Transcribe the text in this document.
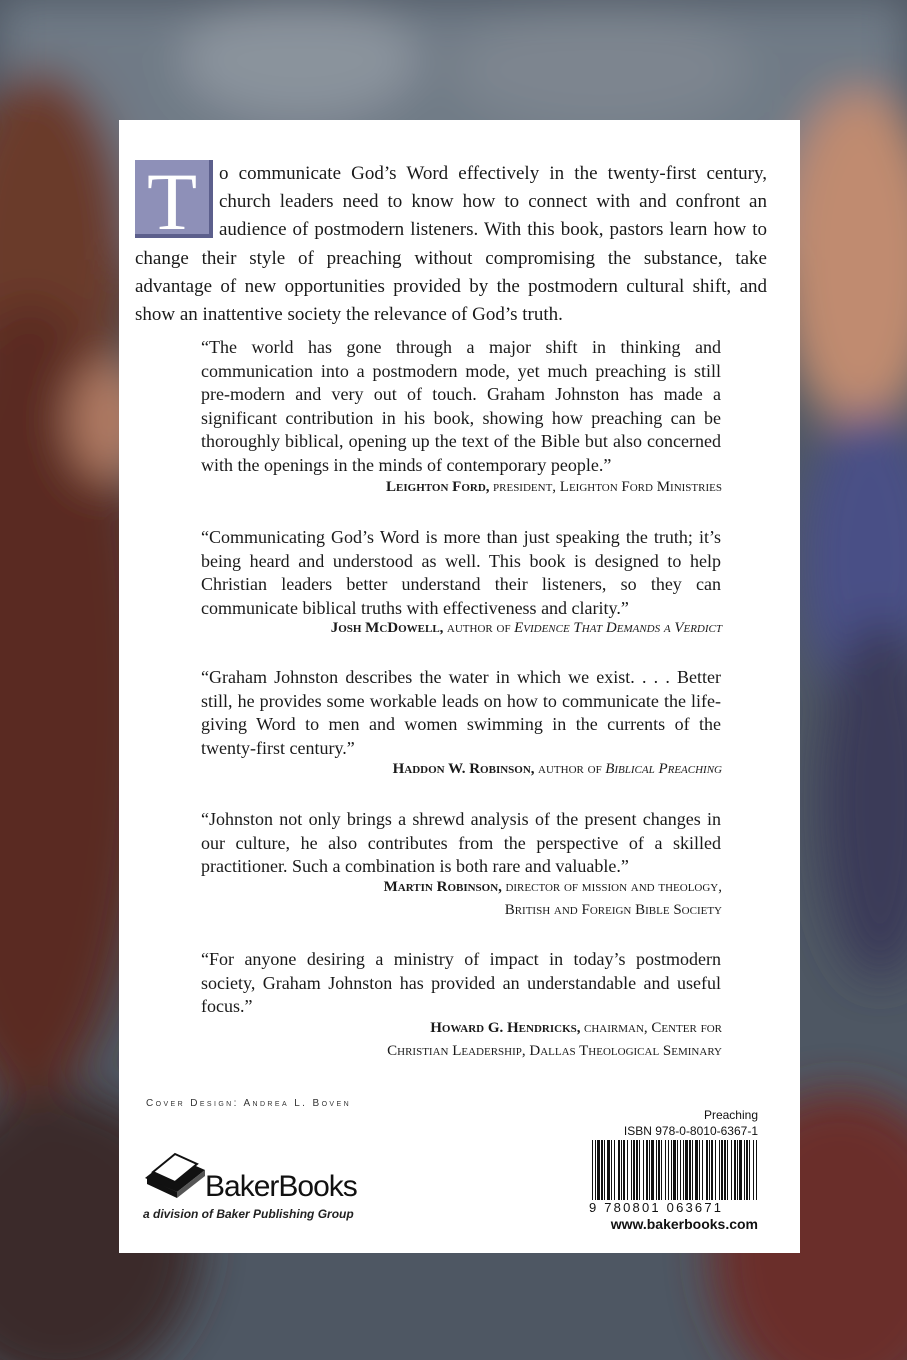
T	o communicate God’s Word effectively in the twenty-first century, church leaders need to know how to connect with and confront an audience of postmodern listeners. With this book, pastors learn how to change their style of preaching without compromising the substance, take advantage of new opportunities provided by the postmodern cultural shift, and show an inattentive society the relevance of God’s truth.

“The world has gone through a major shift in thinking and communication into a postmodern mode, yet much preaching is still pre-modern and very out of touch. Graham Johnston has made a significant contribution in his book, showing how preaching can be thoroughly biblical, opening up the text of the Bible but also concerned with the openings in the minds of contemporary people.”

Leighton Ford, president, Leighton Ford Ministries

“Communicating God’s Word is more than just speaking the truth; it’s being heard and understood as well. This book is designed to help Christian leaders better understand their listeners, so they can communicate biblical truths with effectiveness and clarity.”

Josh McDowell, author of Evidence That Demands a Verdict

“Graham Johnston describes the water in which we exist. . . . Better still, he provides some workable leads on how to communicate the life-giving Word to men and women swimming in the currents of the twenty-first century.”

Haddon W. Robinson, author of Biblical Preaching

“Johnston not only brings a shrewd analysis of the present changes in our culture, he also contributes from the perspective of a skilled practitioner. Such a combination is both rare and valuable.”

Martin Robinson, director of mission and theology,
British and Foreign Bible Society

“For anyone desiring a ministry of impact in today’s postmodern society, Graham Johnston has provided an understandable and useful focus.”

Howard G. Hendricks, chairman, Center for
Christian Leadership, Dallas Theological Seminary

Cover Design: Andrea L. Boven
BakerBooks
a division of Baker Publishing Group
Preaching
ISBN 978-0-8010-6367-1
9 780801 063671
www.bakerbooks.com
